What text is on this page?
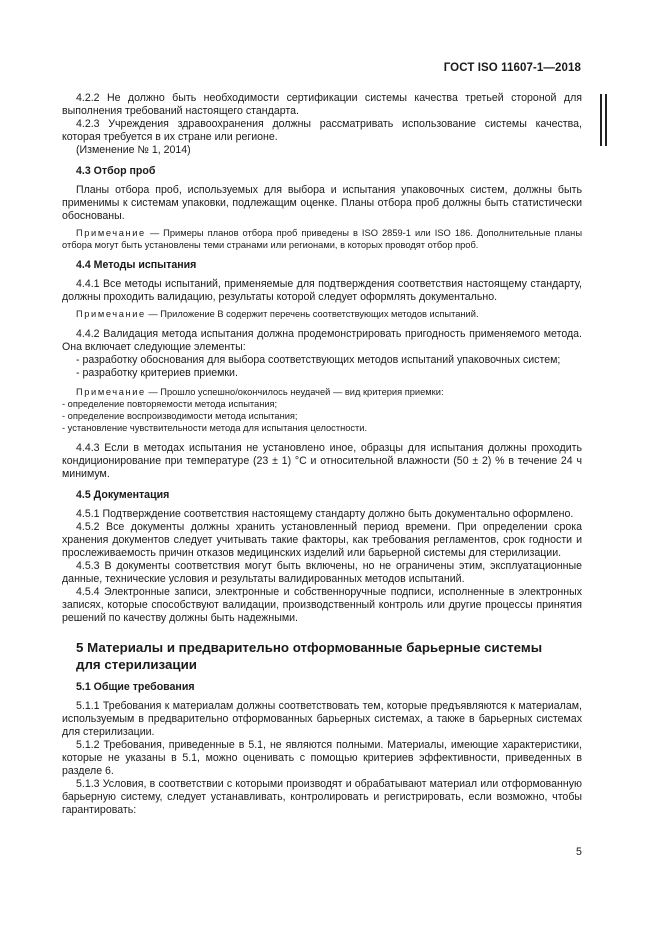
ГОСТ ISO 11607-1—2018

4.2.2 Не должно быть необходимости сертификации системы качества третьей стороной для выполнения требований настоящего стандарта.

4.2.3 Учреждения здравоохранения должны рассматривать использование системы качества, которая требуется в их стране или регионе.

(Изменение № 1, 2014)

4.3 Отбор проб

Планы отбора проб, используемых для выбора и испытания упаковочных систем, должны быть применимы к системам упаковки, подлежащим оценке. Планы отбора проб должны быть статистически обоснованы.

Примечание — Примеры планов отбора проб приведены в ISO 2859-1 или ISO 186. Дополнительные планы отбора могут быть установлены теми странами или регионами, в которых проводят отбор проб.

4.4 Методы испытания

4.4.1 Все методы испытаний, применяемые для подтверждения соответствия настоящему стандарту, должны проходить валидацию, результаты которой следует оформлять документально.

Примечание — Приложение В содержит перечень соответствующих методов испытаний.

4.4.2 Валидация метода испытания должна продемонстрировать пригодность применяемого метода. Она включает следующие элементы:

- разработку обоснования для выбора соответствующих методов испытаний упаковочных систем;

- разработку критериев приемки.

Примечание — Прошло успешно/окончилось неудачей — вид критерия приемки:

- определение повторяемости метода испытания;

- определение воспроизводимости метода испытания;

- установление чувствительности метода для испытания целостности.

4.4.3 Если в методах испытания не установлено иное, образцы для испытания должны проходить кондиционирование при температуре (23 ± 1) °С и относительной влажности (50 ± 2) % в течение 24 ч минимум.

4.5 Документация

4.5.1 Подтверждение соответствия настоящему стандарту должно быть документально оформлено.

4.5.2 Все документы должны хранить установленный период времени. При определении срока хранения документов следует учитывать такие факторы, как требования регламентов, срок годности и прослеживаемость причин отказов медицинских изделий или барьерной системы для стерилизации.

4.5.3 В документы соответствия могут быть включены, но не ограничены этим, эксплуатационные данные, технические условия и результаты валидированных методов испытаний.

4.5.4 Электронные записи, электронные и собственноручные подписи, исполненные в электронных записях, которые способствуют валидации, производственный контроль или другие процессы принятия решений по качеству должны быть надежными.

5 Материалы и предварительно отформованные барьерные системы
для стерилизации
5.1 Общие требования

5.1.1 Требования к материалам должны соответствовать тем, которые предъявляются к материалам, используемым в предварительно отформованных барьерных системах, а также в барьерных системах для стерилизации.

5.1.2 Требования, приведенные в 5.1, не являются полными. Материалы, имеющие характеристики, которые не указаны в 5.1, можно оценивать с помощью критериев эффективности, приведенных в разделе 6.

5.1.3 Условия, в соответствии с которыми производят и обрабатывают материал или отформованную барьерную систему, следует устанавливать, контролировать и регистрировать, если возможно, чтобы гарантировать:

5
